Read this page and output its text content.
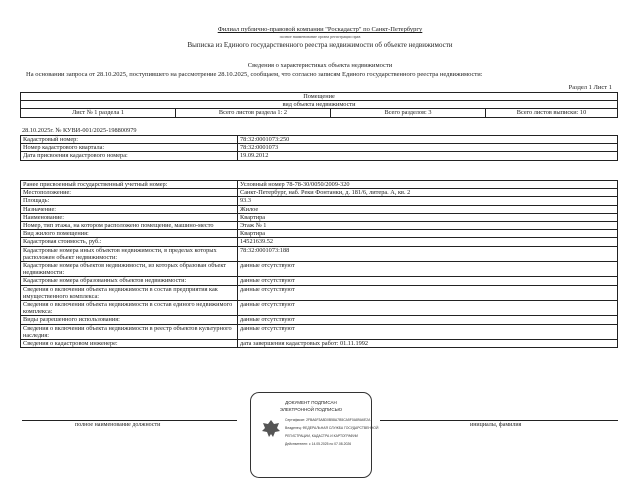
Филиал публично-правовой компании "Роскадастр" по Санкт-Петербургу
полное наименование органа регистрации прав
Выписка из Единого государственного реестра недвижимости об объекте недвижимости
Сведения о характеристиках объекта недвижимости
На основании запроса от 28.10.2025, поступившего на рассмотрение 28.10.2025, сообщаем, что согласно записям Единого государственного реестра недвижимости:
Раздел 1 Лист 1
Помещение
вид объекта недвижимости
Лист № 1 раздела 1	Всего листов раздела 1: 2	Всего разделов: 3	Всего листов выписки: 10
28.10.2025г. № КУВИ-001/2025-198800979
Кадастровый номер:	78:32:0001073:250
Номер кадастрового квартала:	78:32:0001073
Дата присвоения кадастрового номера:	19.09.2012
Ранее присвоенный государственный учетный номер:	Условный номер 78-78-30/0050/2009-320
Местоположение:	Санкт-Петербург, наб. Реки Фонтанки, д. 181/6, литера. А, кв. 2
Площадь:	93.3
Назначение:	Жилое
Наименование:	Квартира
Номер, тип этажа, на котором расположено помещение, машино-место	Этаж № 1
Вид жилого помещения:	Квартира
Кадастровая стоимость, руб.:	14521639.52
Кадастровые номера иных объектов недвижимости, в пределах которых расположен объект недвижимости:	78:32:0001073:188
Кадастровые номера объектов недвижимости, из которых образован объект недвижимости:	данные отсутствуют
Кадастровые номера образованных объектов недвижимости:	данные отсутствуют
Сведения о включении объекта недвижимости в состав предприятия как имущественного комплекса:	данные отсутствуют
Сведения о включении объекта недвижимости в состав единого недвижимого комплекса:	данные отсутствуют
Виды разрешенного использования:	данные отсутствуют
Сведения о включении объекта недвижимости в реестр объектов культурного наследия:	данные отсутствуют
Сведения о кадастровом инженере:	дата завершения кадастровых работ: 01.11.1992
полное наименование должности	инициалы, фамилия
ДОКУМЕНТ ПОДПИСАН
ЭЛЕКТРОННОЙ ПОДПИСЬЮ
Сертификат: 2FBA6F3A8D0B58A7B5CA5F0A89A6E2A
Владелец: ФЕДЕРАЛЬНАЯ СЛУЖБА ГОСУДАРСТВЕННОЙ
РЕГИСТРАЦИИ, КАДАСТРА И КАРТОГРАФИИ
Действителен: с 14.05.2025 по 07.08.2026
